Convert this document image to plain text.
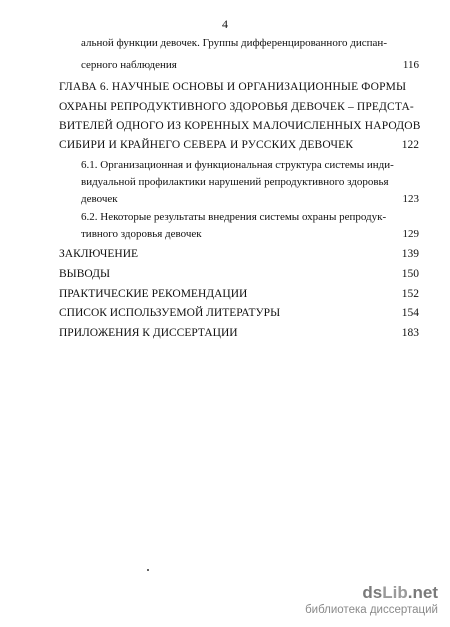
4
альной функции девочек. Группы дифференцированного диспан-
серного наблюдения	116
ГЛАВА 6. НАУЧНЫЕ ОСНОВЫ И ОРГАНИЗАЦИОННЫЕ ФОРМЫ
ОХРАНЫ РЕПРОДУКТИВНОГО ЗДОРОВЬЯ ДЕВОЧЕК – ПРЕДСТА-
ВИТЕЛЕЙ ОДНОГО ИЗ КОРЕННЫХ МАЛОЧИСЛЕННЫХ НАРОДОВ
СИБИРИ И КРАЙНЕГО СЕВЕРА И РУССКИХ ДЕВОЧЕК	122
6.1. Организационная и функциональная структура системы инди-
видуальной профилактики нарушений репродуктивного здоровья
девочек	123
6.2. Некоторые результаты внедрения системы охраны репродук-
тивного здоровья девочек	129
ЗАКЛЮЧЕНИЕ	139
ВЫВОДЫ	150
ПРАКТИЧЕСКИЕ РЕКОМЕНДАЦИИ	152
СПИСОК ИСПОЛЬЗУЕМОЙ ЛИТЕРАТУРЫ	154
ПРИЛОЖЕНИЯ К ДИССЕРТАЦИИ	183
dsLib.net
библиотека диссертаций
